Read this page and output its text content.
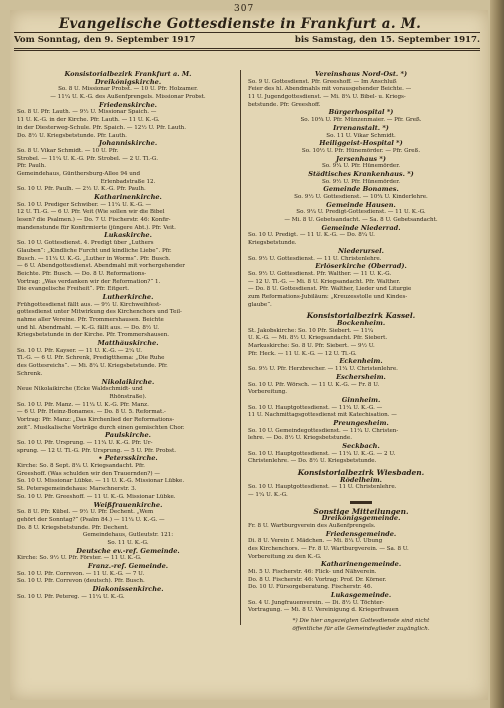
307
Evangelische Gottesdienste in Frankfurt a. M.
Vom Sonntag, den 9. September 1917	bis Samstag, den 15. September 1917.
Konsistorialbezirk Frankfurt a. M.
Dreikönigskirche.
So. 8 U. Missionar Probst. — 10 U. Pfr. Holzamer.
— 11¼ U. K.-G. des Außenfprengels. Missionar Probst.
Friedenskirche.
So. 8 U. Pfr. Lauth. — 9½ U. Missionar Spaich. —
11 U. K.-G. in der Kirche. Pfr. Lauth. — 11 U. K.-G.
in der Diesterweg-Schule. Pfr. Spaich. — 12½ U. Pfr. Lauth.
Do. 8½ U. Kriegsbetstunde. Pfr. Lauth.
Johanniskirche.
So. 8 U. Vikar Schmidt. — 10 U. Pfr.
Strobel. — 11¼ U. K.-G. Pfr. Strobel. — 2 U. Tl.-G.
Pfr. Paulh.
Gemeindehaus, Günthersburg-Allee 94 und
Erlenbadstraße 12.
So. 10 U. Pfr. Paulh. — 2½ U. K.-G. Pfr. Paulh.
Katharinenkirche.
So. 10 U. Prediger Schwiber. — 11¼ U. K.-G. —
12 U. Tl.-G. — 6 U. Pfr. Veit (Wie sollen wir die Bibel
lesen? die Psalmen.) — Do. 7 U. Fischerstr. 46: Konfir-
mandenstunde für Konfirmierte (jüngere Abt.). Pfr. Veit.
Lukaskirche.
So. 10 U. Gottesdienst. 4. Predigt über „Luthers
Glauben“: „Kindliche Furcht und kindliche Liebe“. Pfr.
Busch. — 11¼ U. K.-G. „Luther in Worms“. Pfr. Busch.
— 6 U. Abendgottesdienst. Abendmahl mit vorhergehender
Beichte. Pfr. Busch. — Do. 8 U. Reformations-
Vortrag: „Was verdanken wir der Reformation?“ 1.
Die evangelische Freiheit“. Pfr. Eitgert.
Lutherkirche.
Frühgottesdienst fällt aus. — 9½ U. Kirchweihfest-
gottesdienst unter Mitwirkung des Kirchenchors und Teil-
nahme aller Vereine. Pfr. Trommershausen. Beichte
und hl. Abendmahl. — K.-G. fällt aus. — Do. 8½ U.
Kriegsbetstunde in der Kirche. Pfr. Trommershausen.
Matthäuskirche.
So. 10 U. Pfr. Kayser. — 11 U. K.-G. — 2¼ U.
Tl.-G. — 6 U. Pfr. Schrenk, Predigtthema: „Die Ruhe
des Gottesreichs“. — Mi. 8¼ U. Kriegsbetstunde. Pfr.
Schrenk.
Nikolaikirche.
Neue Nikolaikirche (Ecke Waldschmidt- und
Rhönstraße).
So. 10 U. Pfr. Manz. — 11¼ U. K.-G. Pfr. Manz.
— 6 U. Pfr. Heinz-Bonames. — Do. 8 U. 5. Reformat.-
Vortrag: Pfr. Manz: „Das Kirchenlied der Reformations-
zeit“. Musikalische Vorträge durch einen gemischten Chor.
Paulskirche.
So. 10 U. Pfr. Ursprung. — 11¼ U. K.-G. Pfr. Ur-
sprung. — 12 U. Tl.-G. Pfr. Ursprung. — 5 U. Pfr. Probst.
• Petersskirche.
Kirche: So. 8 Sept. 8¼ U. Kriegsandacht. Pfr.
Greeshoff. (Was schulden wir den Trauernden?) —
So. 10 U. Missionar Lübke. — 11 U. K.-G. Missionar Lübke.
St. Petersgemeindehaus: Marschnerstr. 3.
So. 10 U. Pfr. Greeshoff. — 11 U. K.-G. Missionar Lübke.
Weißfrauenkirche.
So. 8 U. Pfr. Kübel. — 9½ U. Pfr. Dechent. „Wem
gehört der Sonntag?“ (Psalm 84.) — 11¼ U. K.-G. —
Do. 8 U. Kriegsbetstunde. Pfr. Dechent.
Gemeindehaus, Gutleutstr. 121:
So. 11 U. K.-G.
Deutsche ev.-ref. Gemeinde.
Kirche: So. 9½ U. Pfr. Förster. — 11 U. K.-G.
Franz.-ref. Gemeinde.
So. 10 U. Pfr. Correvon. — 11 U. K.-G. — 7 U.
So. 10 U. Pfr. Correvon (deutsch). Pfr. Busch.
Diakonissenkirche.
So. 10 U. Pfr. Petereg. — 11¼ U. K.-G.
Vereinshaus Nord-Ost. *)
So. 9 U. Gottesdienst. Pfr. Greeshoff. — Im Anschluß
Feier des hl. Abendmahls mit vorausgehender Beichte. —
11 U. Jugendgottesdienst. — Mi. 8¼ U. Bibel- u. Kriegs-
betstunde. Pfr. Greeshoff.
Bürgerhospital *)
So. 10¾ U. Pfr. Münzenmaier. — Pfr. Greß.
Irrenanstalt. *)
So. 11 U. Vikar Schmidt.
Heiliggeist-Hospital *)
So. 10½ U. Pfr. Hünemörder. — Pfr. Greß.
Jersenhaus *)
So. 9¼ U. Pfr. Hünemörder.
Städtisches Krankenhaus. *)
So. 9½ U. Pfr. Hünemörder.
Gemeinde Bonames.
So. 9½ U. Gottesdienst. — 10¾ U. Kinderlehre.
Gemeinde Hausen.
So. 9¼ U. Predigt-Gottesdienst. — 11 U. K.-G.
— Mi. 8 U. Gebetsandacht. — Sa. 8 U. Gebetsandacht.
Gemeinde Niederrad.
So. 10 U. Predigt. — 11 U. K.-G. — Do. 8¼ U.
Kriegsbetstunde.
Niederursel.
So. 9½ U. Gottesdienst. — 11 U. Christenlehre.
Erlöserkirche (Oberrad).
So. 9½ U. Gottesdienst. Pfr. Walther. — 11 U. K.-G.
— 12 U. Tl.-G. — Mi. 8 U. Kriegsandacht. Pfr. Walther.
— Do. 8 U. Gottesdienst. Pfr. Walther, Lieder und Liturgie
zum Reformations-Jubiläum: „Kreuzesstolle und Kindes-
glaube“.
Konsistorialbezirk Kassel.
Bockenheim.
St. Jakobskirche: So. 10 Pfr. Siebert. — 11¼
U. K.-G. — Mi. 8½ U. Kriegsandacht. Pfr. Siebert.
Markuskirche: So. 8 U. Pfr. Siebert. — 9½ U.
Pfr. Heck. — 11 U. K.-G. — 12 U. Tl.-G.
Eckenheim.
So. 9½ U. Pfr. Herzbrecher. — 11¼ U. Christenlehre.
Eschersheim.
So. 10 U. Pfr. Wörsch. — 11 U. K.-G. — Fr. 8 U.
Vorbereitung.
Ginnheim.
So. 10 U. Hauptgottesdienst. — 11¼ U. K.-G. —
11 U. Nachmittagsgottesdienst mit Katechisation. —
Preungesheim.
So. 10 U. Gemeindegottesdienst. — 11¼ U. Christen-
lehre. — Do. 8½ U. Kriegsbetstunde.
Seckbach.
So. 10 U. Hauptgottesdienst. — 11¼ U. K.-G. — 2 U.
Christenlehre. — Do. 8½ U. Kriegsbetstunde.
Konsistorialbezirk Wiesbaden.
Rödelheim.
So. 10 U. Hauptgottesdienst. — 11 U. Christenlehre.
— 1¼ U. K.-G.
Sonstige Mitteilungen.
Dreikönigsgemeinde.
Fr. 8 U. Wartburgverein des Außenfprengels.
Friedensgemeinde.
Di. 8 U. Verein f. Mädchen. — Mi. 8¼ U. Übung
des Kirchenchors. — Fr. 8 U. Wartburgverein. — Sa. 8 U.
Vorbereitung zu den K.-G.
Katharinengemeinde.
Mi. 5 U. Fischerstr. 46: Flick- und Nähverein.
Do. 8 U. Fischerstr. 46: Vortrag: Prof. Dr. Körner.
Do. 10 U. Fürsorgeberatung. Fischerstr. 46.
Lukasgemeinde.
So. 4 U. Jungfrauenverein. — Di. 8½ U. Töchter-
Vortragung. — Mi. 8 U. Vereinigung d. Kriegerfrauen
*) Die hier angezeigten Gottesdienste sind nicht
öffentliche für alle Gemeindeglieder zugänglich.
